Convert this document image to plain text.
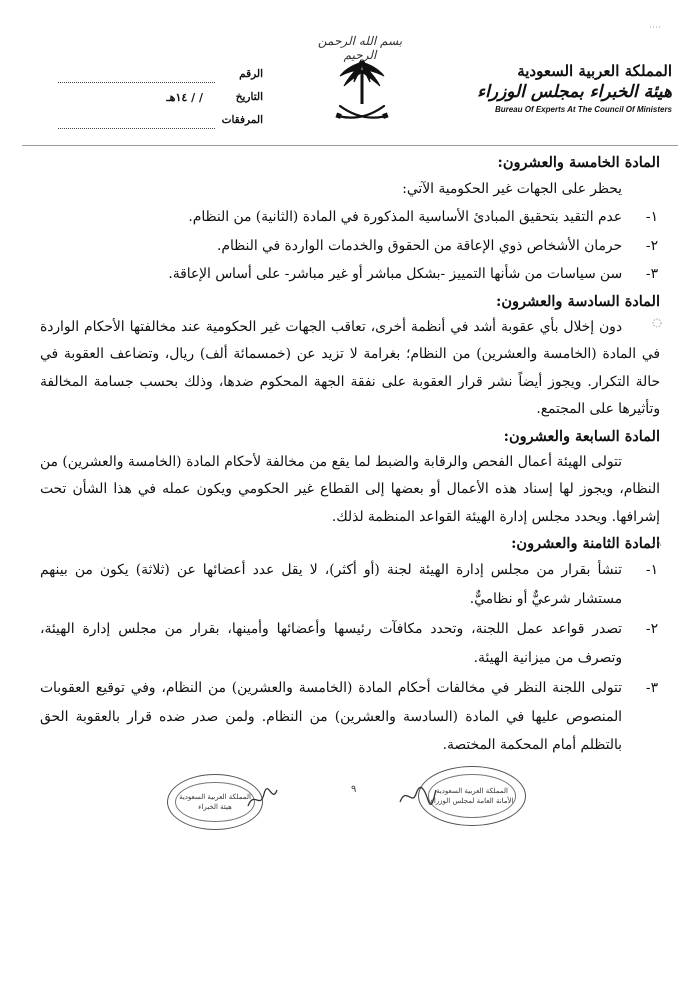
بسم الله الرحمن الرحيم
الرقم
التاريخ
/ / ١٤هـ
المرفقات
المملكة العربية السعودية
هيئة الخبراء بمجلس الوزراء
Bureau Of Experts At The Council Of Ministers
المادة الخامسة والعشرون:
يحظر على الجهات غير الحكومية الآتي:
١-
عدم التقيد بتحقيق المبادئ الأساسية المذكورة في المادة (الثانية) من النظام.
٢-
حرمان الأشخاص ذوي الإعاقة من الحقوق والخدمات الواردة في النظام.
٣-
سن سياسات من شأنها التمييز -بشكل مباشر أو غير مباشر- على أساس الإعاقة.
المادة السادسة والعشرون:

دون إخلال بأي عقوبة أشد في أنظمة أخرى، تعاقب الجهات غير الحكومية عند مخالفتها الأحكام الواردة في المادة (الخامسة والعشرين) من النظام؛ بغرامة لا تزيد عن (خمسمائة ألف) ريال، وتضاعف العقوبة في حالة التكرار. ويجوز أيضاً نشر قرار العقوبة على نفقة الجهة المحكوم ضدها، وذلك بحسب جسامة المخالفة وتأثيرها على المجتمع.

المادة السابعة والعشرون:

تتولى الهيئة أعمال الفحص والرقابة والضبط لما يقع من مخالفة لأحكام المادة (الخامسة والعشرين) من النظام، ويجوز لها إسناد هذه الأعمال أو بعضها إلى القطاع غير الحكومي ويكون عمله في هذا الشأن تحت إشرافها. ويحدد مجلس إدارة الهيئة القواعد المنظمة لذلك.

المادة الثامنة والعشرون:
١-
تنشأ بقرار من مجلس إدارة الهيئة لجنة (أو أكثر)، لا يقل عدد أعضائها عن (ثلاثة) يكون من بينهم مستشار شرعيٌّ أو نظاميٌّ.
٢-
تصدر قواعد عمل اللجنة، وتحدد مكافآت رئيسها وأعضائها وأمينها، بقرار من مجلس إدارة الهيئة، وتصرف من ميزانية الهيئة.
٣-
تتولى اللجنة النظر في مخالفات أحكام المادة (الخامسة والعشرين) من النظام، وفي توقيع العقوبات المنصوص عليها في المادة (السادسة والعشرين) من النظام. ولمن صدر ضده قرار بالعقوبة الحق بالتظلم أمام المحكمة المختصة.
المملكة العربية السعودية
الأمانة العامة لمجلس الوزراء
٩
المملكة العربية السعودية
هيئة الخبراء
